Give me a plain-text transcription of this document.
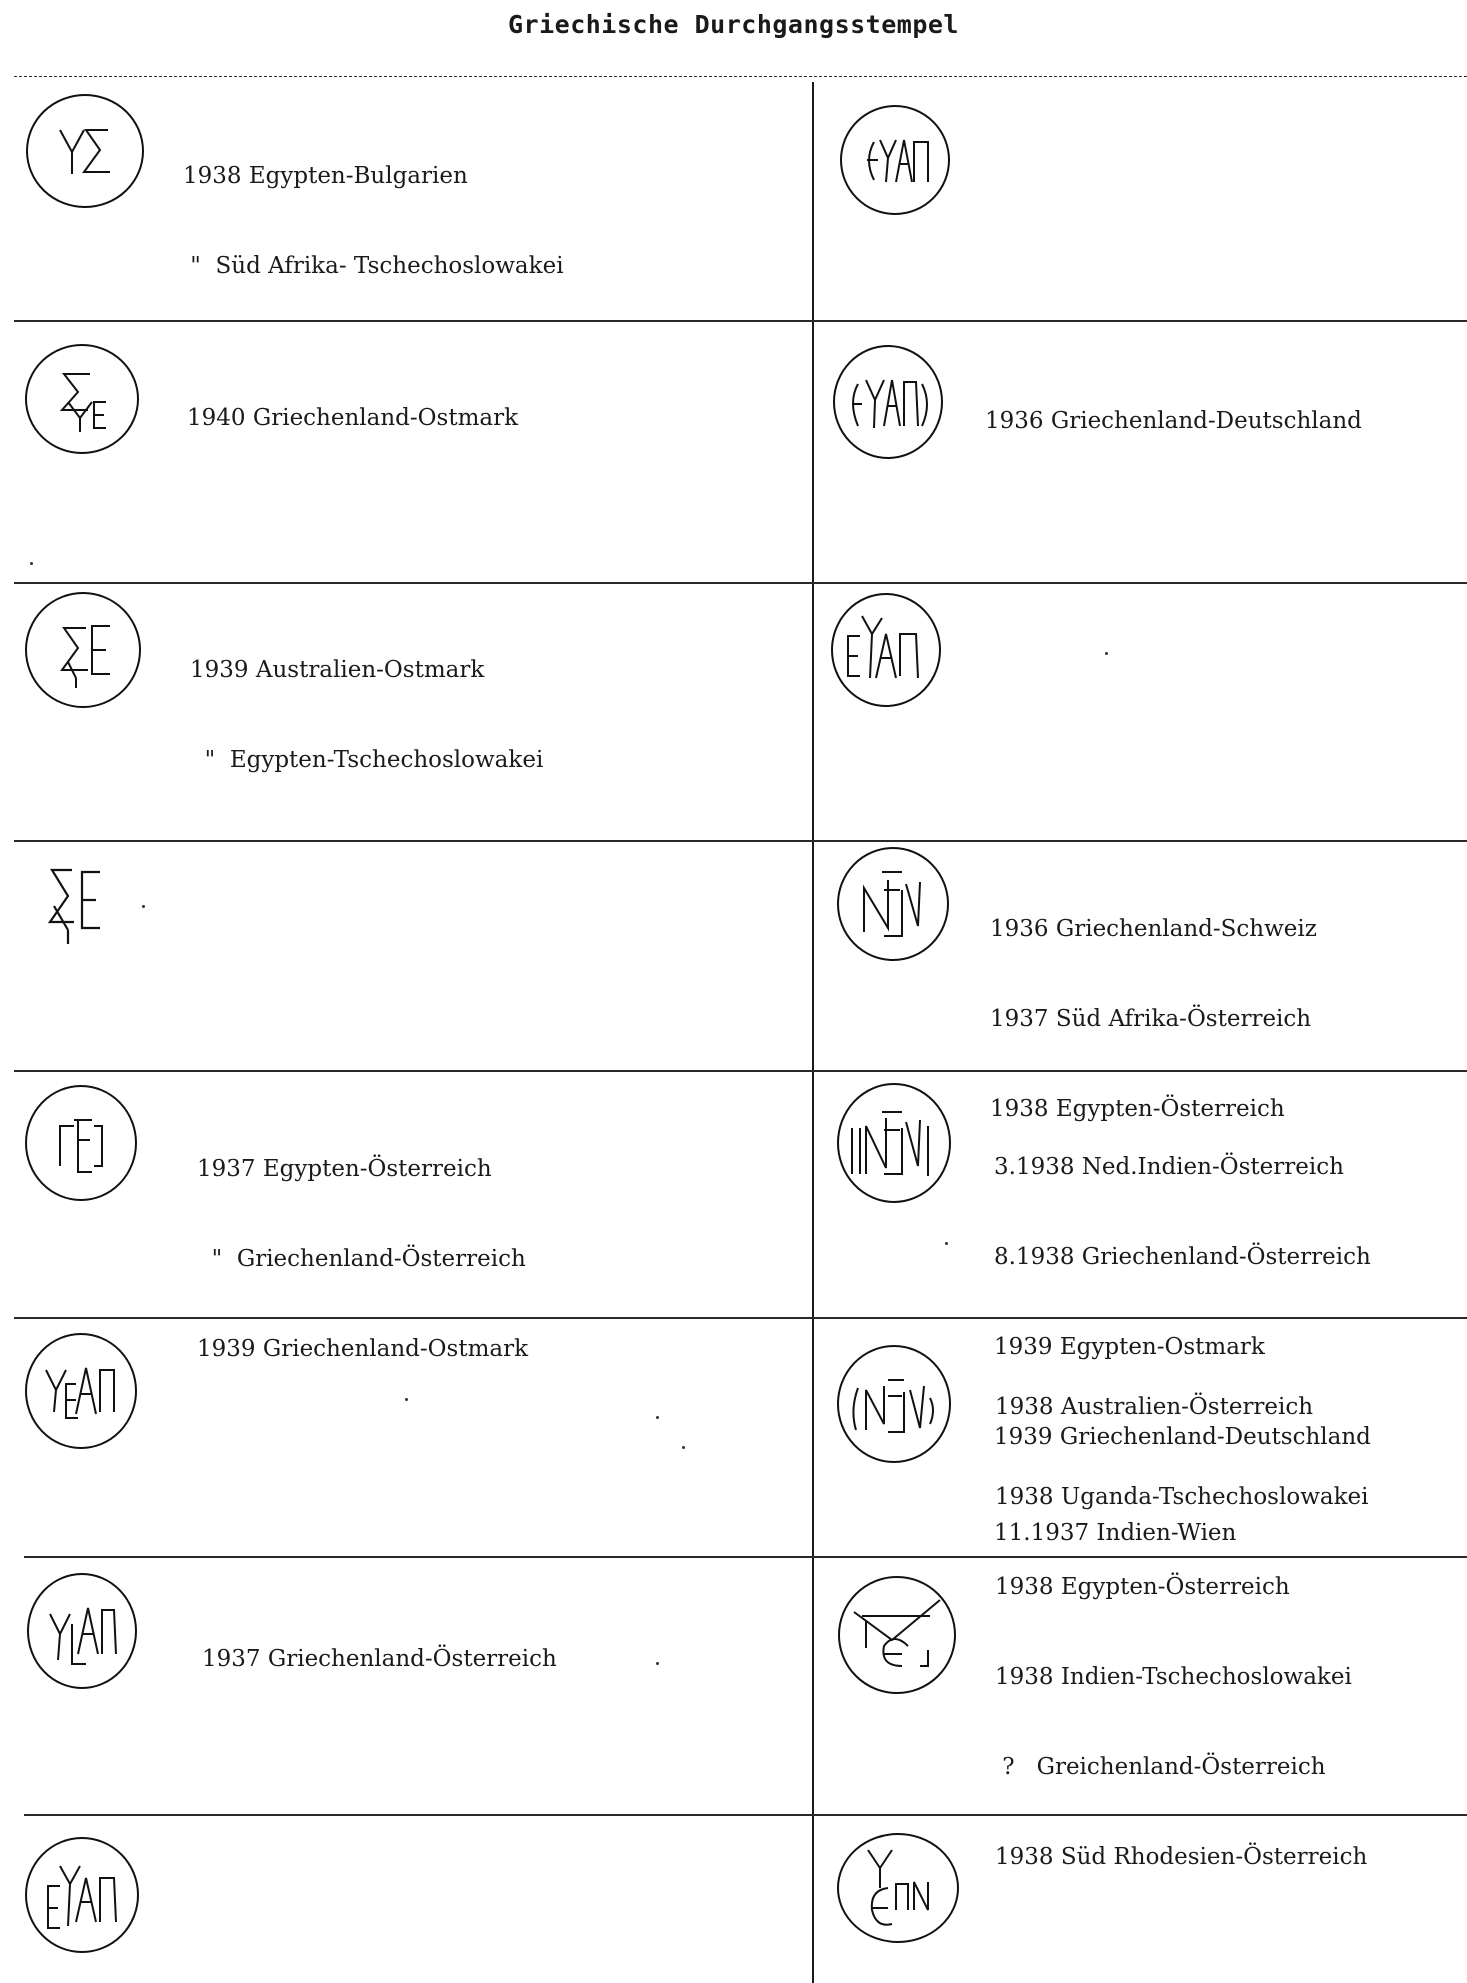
Griechische Durchgangsstempel

1938 Egypten-Bulgarien

"  Süd Afrika- Tschechoslowakei

1940 Griechenland-Ostmark

	1936 Griechenland-Deutschland

1939 Australien-Ostmark

"  Egypten-Tschechoslowakei

1936 Griechenland-Schweiz

1937 Süd Afrika-Österreich

1938 Egypten-Österreich

1937 Egypten-Österreich

"  Griechenland-Österreich

1939 Griechenland-Ostmark

3.1938 Ned.Indien-Österreich

8.1938 Griechenland-Österreich

1939 Egypten-Ostmark

1939 Griechenland-Deutschland

11.1937 Indien-Wien

1938 Australien-Österreich

1938 Uganda-Tschechoslowakei

1938 Egypten-Österreich

1938 Indien-Tschechoslowakei

?   Greichenland-Österreich

1938 Süd Rhodesien-Österreich

1937 Griechenland-Österreich
